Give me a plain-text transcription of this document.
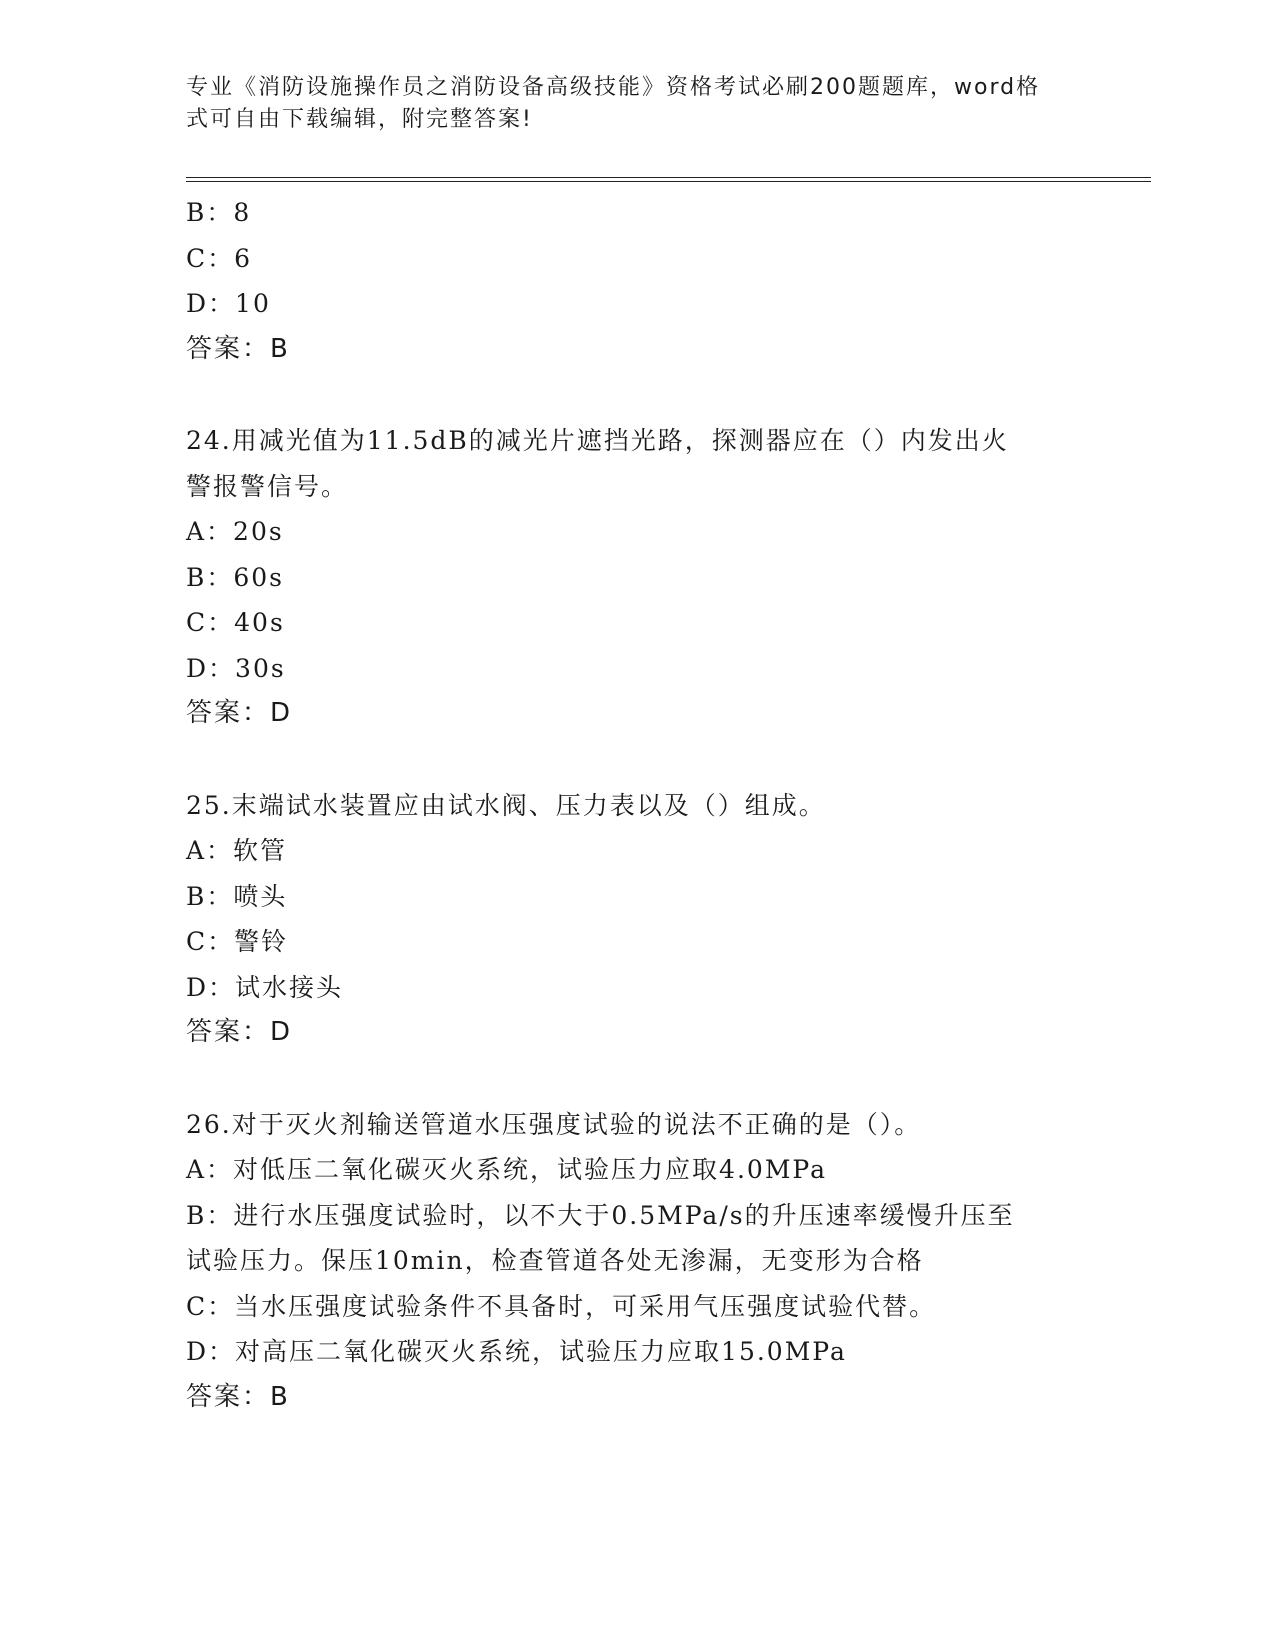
专业《消防设施操作员之消防设备高级技能》资格考试必刷200题题库，word格
式可自由下载编辑，附完整答案!
B：8
C：6
D：10
答案：B
24.用减光值为11.5dB的减光片遮挡光路，探测器应在（）内发出火
警报警信号。
A：20s
B：60s
C：40s
D：30s
答案：D
25.末端试水装置应由试水阀、压力表以及（）组成。
A：软管
B：喷头
C：警铃
D：试水接头
答案：D
26.对于灭火剂输送管道水压强度试验的说法不正确的是（）。
A：对低压二氧化碳灭火系统，试验压力应取4.0MPa
B：进行水压强度试验时，以不大于0.5MPa/s的升压速率缓慢升压至
试验压力。保压10min，检查管道各处无渗漏，无变形为合格
C：当水压强度试验条件不具备时，可采用气压强度试验代替。
D：对高压二氧化碳灭火系统，试验压力应取15.0MPa
答案：B
